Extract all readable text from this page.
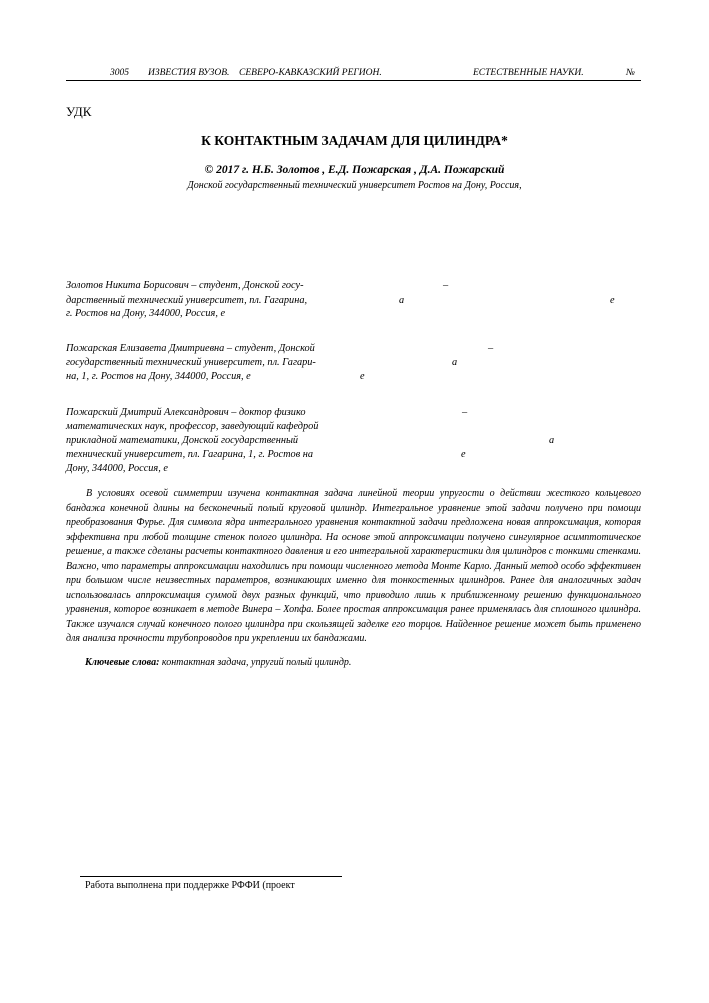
3005 ИЗВЕСТИЯ ВУЗОВ. СЕВЕРО-КАВКАЗСКИЙ РЕГИОН.	ЕСТЕСТВЕННЫЕ НАУКИ.	№
УДК
К КОНТАКТНЫМ ЗАДАЧАМ ДЛЯ ЦИЛИНДРА*
© 2017 г. Н.Б. Золотов , Е.Д. Пожарская , Д.А. Пожарский
Донской государственный технический университет Ростов на Дону, Россия,
Золотов Никита Борисович – студент, Донской госу-
дарственный технический университет, пл. Гагарина,
г. Ростов на Дону, 344000, Россия, е
–
а	е
Пожарская Елизавета Дмитриевна – студент, Донской
государственный технический университет, пл. Гагари-
на, 1, г. Ростов на Дону, 344000, Россия, е
–
а
е
Пожарский Дмитрий Александрович – доктор физико
математических наук, профессор, заведующий кафедрой
прикладной математики, Донской государственный
технический университет, пл. Гагарина, 1, г. Ростов на
Дону, 344000, Россия, е
–
а
е
В условиях осевой симметрии изучена контактная задача линейной теории упругости о действии жесткого кольцевого бандажа конечной длины на бесконечный полый круговой цилиндр. Интегральное уравнение этой задачи получено при помощи преобразования Фурье. Для символа ядра интегрального уравнения контактной задачи предложена новая аппроксимация, которая эффективна при любой толщине стенок полого цилиндра. На основе этой аппроксимации получено сингулярное асимптотическое решение, а также сделаны расчеты контактного давления и его интегральной характеристики для цилиндров с тонкими стенками. Важно, что параметры аппроксимации находились при помощи численного метода Монте Карло. Данный метод особо эффективен при большом числе неизвестных параметров, возникающих именно для тонкостенных цилиндров. Ранее для аналогичных задач использовалась аппроксимация суммой двух разных функций, что приводило лишь к приближенному решению функционального уравнения, которое возникает в методе Винера – Хопфа. Более простая аппроксимация ранее применялась для сплошного цилиндра. Также изучался случай конечного полого цилиндра при скользящей заделке его торцов. Найденное решение может быть применено для анализа прочности трубопроводов при укреплении их бандажами.
Ключевые слова: контактная задача, упругий полый цилиндр.
Работа выполнена при поддержке РФФИ (проект
